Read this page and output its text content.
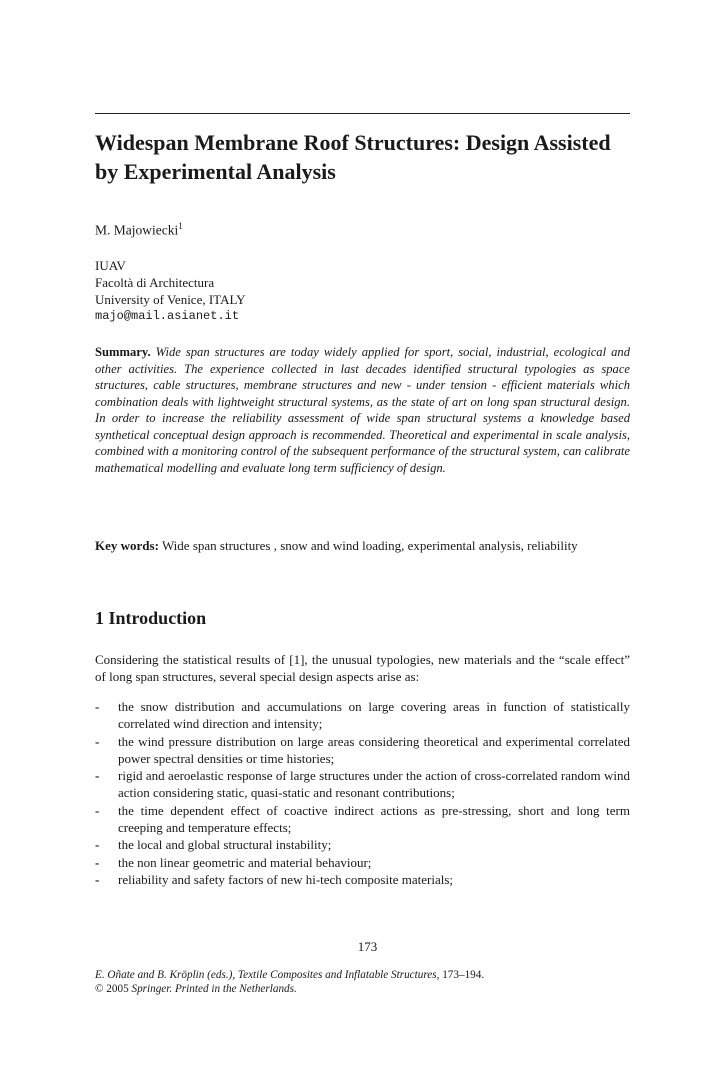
Widespan Membrane Roof Structures: Design Assisted by Experimental Analysis
M. Majowiecki$^1$
IUAV
Facoltà di Architectura
University of Venice, ITALY
majo@mail.asianet.it
Summary. Wide span structures are today widely applied for sport, social, industrial, ecological and other activities. The experience collected in last decades identified structural typologies as space structures, cable structures, membrane structures and new - under tension - efficient materials which combination deals with lightweight structural systems, as the state of art on long span structural design. In order to increase the reliability assessment of wide span structural systems a knowledge based synthetical conceptual design approach is recommended. Theoretical and experimental in scale analysis, combined with a monitoring control of the subsequent performance of the structural system, can calibrate mathematical modelling and evaluate long term sufficiency of design.
Key words: Wide span structures , snow and wind loading, experimental analysis, reliability
1 Introduction

Considering the statistical results of [1], the unusual typologies, new materials and the “scale effect” of long span structures, several special design aspects arise as:

- the snow distribution and accumulations on large covering areas in function of statistically correlated wind direction and intensity;
- the wind pressure distribution on large areas considering theoretical and experimental correlated power spectral densities or time histories;
- rigid and aeroelastic response of large structures under the action of cross-correlated random wind action considering static, quasi-static and resonant contributions;
- the time dependent effect of coactive indirect actions as pre-stressing, short and long term creeping and temperature effects;
- the local and global structural instability;
- the non linear geometric and material behaviour;
- reliability and safety factors of new hi-tech composite materials;
173
E. Oñate and B. Kröplin (eds.), Textile Composites and Inflatable Structures, 173–194.
© 2005 Springer. Printed in the Netherlands.
